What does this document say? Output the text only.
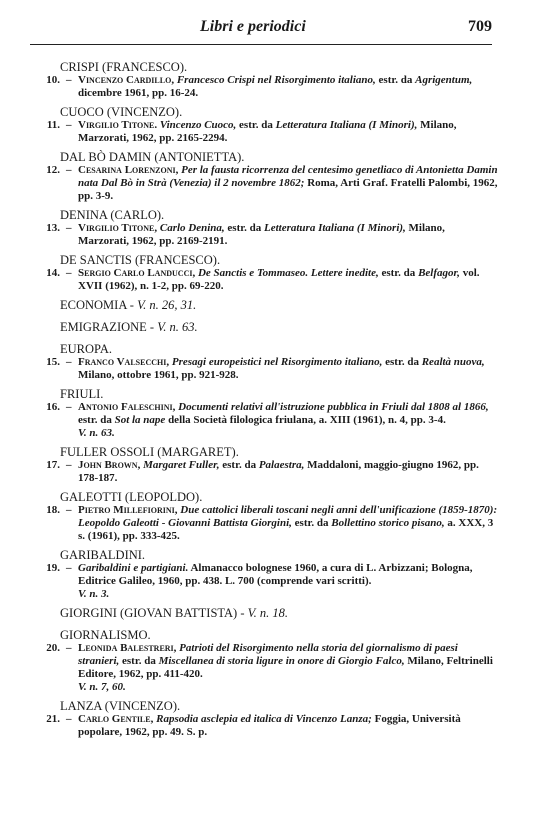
Libri e periodici	709
CRISPI (FRANCESCO).
10. – Vincenzo Cardillo, Francesco Crispi nel Risorgimento italiano, estr. da Agrigentum, dicembre 1961, pp. 16-24.
CUOCO (VINCENZO).
11. – Virgilio Titone. Vincenzo Cuoco, estr. da Letteratura Italiana (I Minori), Milano, Marzorati, 1962, pp. 2165-2294.
DAL BÒ DAMIN (ANTONIETTA).
12. – Cesarina Lorenzoni, Per la fausta ricorrenza del centesimo genetliaco di Antonietta Damin nata Dal Bò in Strà (Venezia) il 2 novembre 1862; Roma, Arti Graf. Fratelli Palombi, 1962, pp. 3-9.
DENINA (CARLO).
13. – Virgilio Titone, Carlo Denina, estr. da Letteratura Italiana (I Minori), Milano, Marzorati, 1962, pp. 2169-2191.
DE SANCTIS (FRANCESCO).
14. – Sergio Carlo Landucci, De Sanctis e Tommaseo. Lettere inedite, estr. da Belfagor, vol. XVII (1962), n. 1-2, pp. 69-220.
ECONOMIA - V. n. 26, 31.
EMIGRAZIONE - V. n. 63.
EUROPA.
15. – Franco Valsecchi, Presagi europeistici nel Risorgimento italiano, estr. da Realtà nuova, Milano, ottobre 1961, pp. 921-928.
FRIULI.
16. – Antonio Faleschini, Documenti relativi all'istruzione pubblica in Friuli dal 1808 al 1866, estr. da Sot la nape della Società filologica friulana, a. XIII (1961), n. 4, pp. 3-4.
V. n. 63.
FULLER OSSOLI (MARGARET).
17. – John Brown, Margaret Fuller, estr. da Palaestra, Maddaloni, maggio-giugno 1962, pp. 178-187.
GALEOTTI (LEOPOLDO).
18. – Pietro Millefiorini, Due cattolici liberali toscani negli anni dell'unificazione (1859-1870): Leopoldo Galeotti - Giovanni Battista Giorgini, estr. da Bollettino storico pisano, a. XXX, 3 s. (1961), pp. 333-425.
GARIBALDINI.
19. – Garibaldini e partigiani. Almanacco bolognese 1960, a cura di L. Arbizzani; Bologna, Editrice Galileo, 1960, pp. 438. L. 700 (comprende vari scritti).
V. n. 3.
GIORGINI (GIOVAN BATTISTA) - V. n. 18.
GIORNALISMO.
20. – Leonida Balestreri, Patrioti del Risorgimento nella storia del giornalismo di paesi stranieri, estr. da Miscellanea di storia ligure in onore di Giorgio Falco, Milano, Feltrinelli Editore, 1962, pp. 411-420.
V. n. 7, 60.
LANZA (VINCENZO).
21. – Carlo Gentile, Rapsodia asclepia ed italica di Vincenzo Lanza; Foggia, Università popolare, 1962, pp. 49. S. p.
